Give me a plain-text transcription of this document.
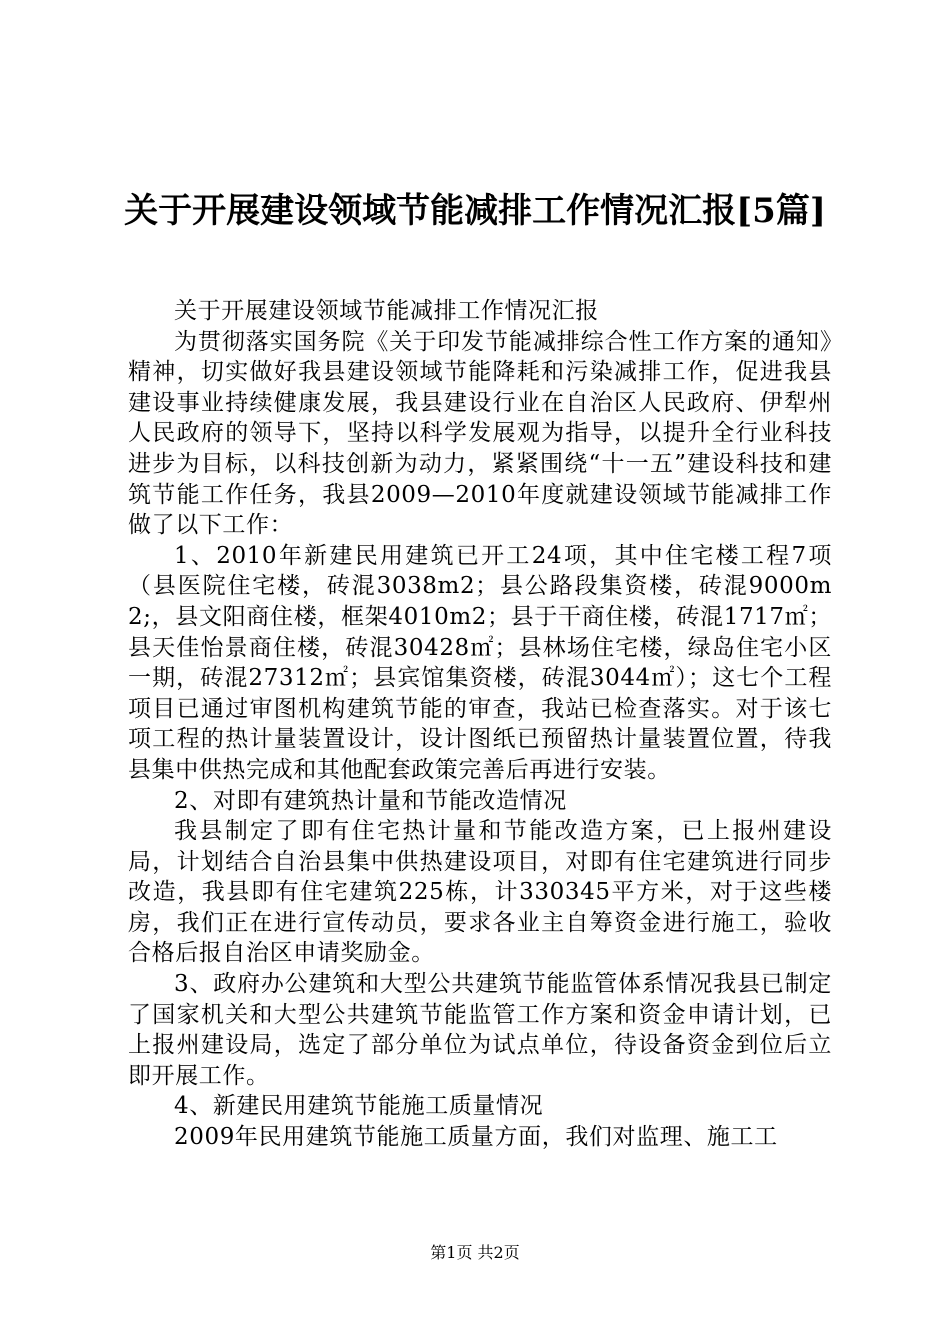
关于开展建设领域节能减排工作情况汇报[5篇]

关于开展建设领域节能减排工作情况汇报

为贯彻落实国务院《关于印发节能减排综合性工作方案的通知》精神，切实做好我县建设领域节能降耗和污染减排工作，促进我县建设事业持续健康发展，我县建设行业在自治区人民政府、伊犁州人民政府的领导下，坚持以科学发展观为指导，以提升全行业科技进步为目标，以科技创新为动力，紧紧围绕“十一五”建设科技和建筑节能工作任务，我县2009—2010年度就建设领域节能减排工作做了以下工作：

1、2010年新建民用建筑已开工24项，其中住宅楼工程7项（县医院住宅楼，砖混3038m2；县公路段集资楼，砖混9000m2;，县文阳商住楼，框架4010m2；县于干商住楼，砖混1717㎡；县天佳怡景商住楼，砖混30428㎡；县林场住宅楼，绿岛住宅小区一期，砖混27312㎡；县宾馆集资楼，砖混3044㎡）；这七个工程项目已通过审图机构建筑节能的审查，我站已检查落实。对于该七项工程的热计量装置设计，设计图纸已预留热计量装置位置，待我县集中供热完成和其他配套政策完善后再进行安装。

2、对即有建筑热计量和节能改造情况

我县制定了即有住宅热计量和节能改造方案，已上报州建设局，计划结合自治县集中供热建设项目，对即有住宅建筑进行同步改造，我县即有住宅建筑225栋，计330345平方米，对于这些楼房，我们正在进行宣传动员，要求各业主自筹资金进行施工，验收合格后报自治区申请奖励金。

3、政府办公建筑和大型公共建筑节能监管体系情况我县已制定了国家机关和大型公共建筑节能监管工作方案和资金申请计划，已上报州建设局，选定了部分单位为试点单位，待设备资金到位后立即开展工作。

4、新建民用建筑节能施工质量情况

2009年民用建筑节能施工质量方面，我们对监理、施工工

第1页 共2页
